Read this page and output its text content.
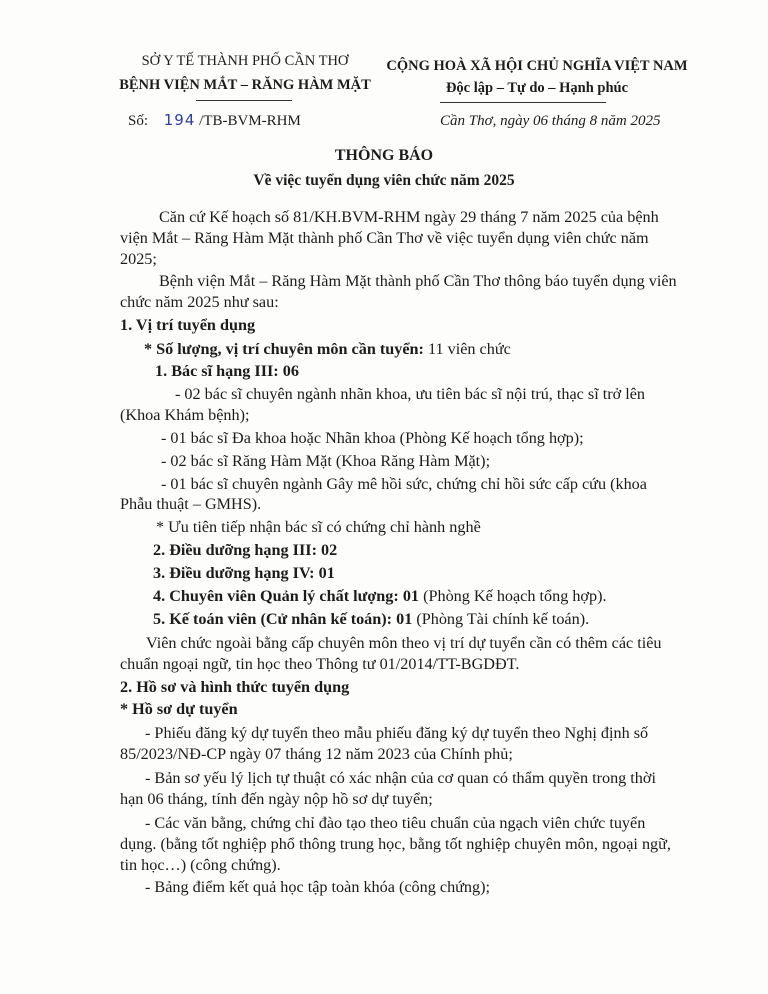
SỞ Y TẾ THÀNH PHỐ CẦN THƠ
BỆNH VIỆN MẮT – RĂNG HÀM MẶT
CỘNG HOÀ XÃ HỘI CHỦ NGHĨA VIỆT NAM
Độc lập – Tự do – Hạnh phúc
Số: 194 /TB-BVM-RHM	Cần Thơ, ngày 06 tháng 8 năm 2025
THÔNG BÁO
Về việc tuyển dụng viên chức năm 2025
Căn cứ Kế hoạch số 81/KH.BVM-RHM ngày 29 tháng 7 năm 2025 của bệnh
viện Mắt – Răng Hàm Mặt thành phố Cần Thơ về việc tuyển dụng viên chức năm
2025;
Bệnh viện Mắt – Răng Hàm Mặt thành phố Cần Thơ thông báo tuyển dụng viên
chức năm 2025 như sau:
1. Vị trí tuyển dụng
* Số lượng, vị trí chuyên môn cần tuyển: 11 viên chức
1. Bác sĩ hạng III: 06
- 02 bác sĩ chuyên ngành nhãn khoa, ưu tiên bác sĩ nội trú, thạc sĩ trở lên
(Khoa Khám bệnh);
- 01 bác sĩ Đa khoa hoặc Nhãn khoa (Phòng Kế hoạch tổng hợp);
- 02 bác sĩ Răng Hàm Mặt (Khoa Răng Hàm Mặt);
- 01 bác sĩ chuyên ngành Gây mê hồi sức, chứng chỉ hồi sức cấp cứu (khoa
Phẫu thuật – GMHS).
* Ưu tiên tiếp nhận bác sĩ có chứng chỉ hành nghề
2. Điều dưỡng hạng III: 02
3. Điều dưỡng hạng IV: 01
4. Chuyên viên Quản lý chất lượng: 01 (Phòng Kế hoạch tổng hợp).
5. Kế toán viên (Cử nhân kế toán): 01 (Phòng Tài chính kế toán).
Viên chức ngoài bằng cấp chuyên môn theo vị trí dự tuyển cần có thêm các tiêu
chuẩn ngoại ngữ, tin học theo Thông tư 01/2014/TT-BGDĐT.
2. Hồ sơ và hình thức tuyển dụng
* Hồ sơ dự tuyển
- Phiếu đăng ký dự tuyển theo mẫu phiếu đăng ký dự tuyển theo Nghị định số
85/2023/NĐ-CP ngày 07 tháng 12 năm 2023 của Chính phủ;
- Bản sơ yếu lý lịch tự thuật có xác nhận của cơ quan có thẩm quyền trong thời
hạn 06 tháng, tính đến ngày nộp hồ sơ dự tuyển;
- Các văn bằng, chứng chỉ đào tạo theo tiêu chuẩn của ngạch viên chức tuyển
dụng. (bằng tốt nghiệp phổ thông trung học, bằng tốt nghiệp chuyên môn, ngoại ngữ,
tin học…) (công chứng).
- Bảng điểm kết quả học tập toàn khóa (công chứng);
